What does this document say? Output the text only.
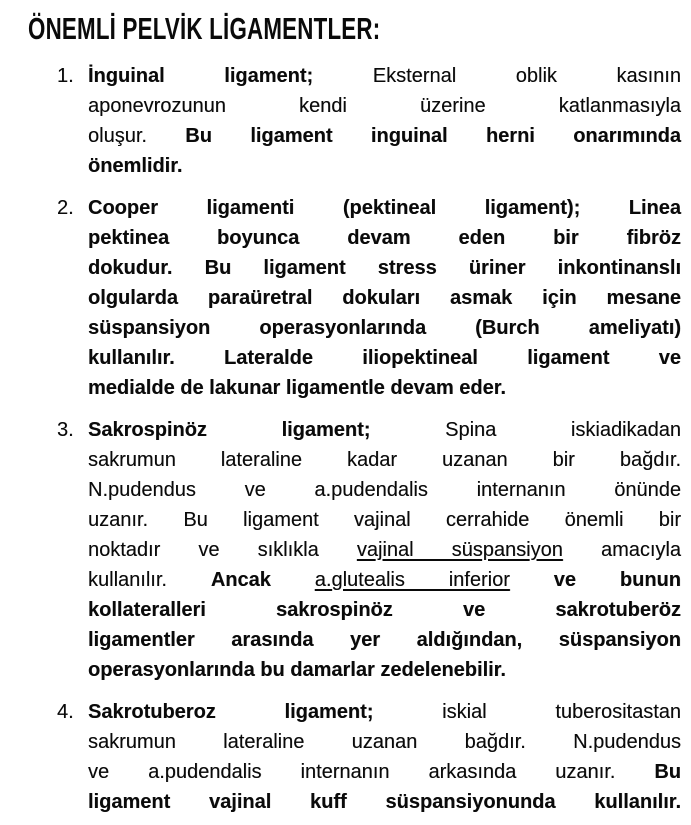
ÖNEMLİ PELVİK LİGAMENTLER:
1. İnguinal ligament; Eksternal oblik kasının
aponevrozunun kendi üzerine katlanmasıyla
oluşur. Bu ligament inguinal herni onarımında
önemlidir.
2. Cooper ligamenti (pektineal ligament); Linea
pektinea boyunca devam eden bir fibröz
dokudur. Bu ligament stress üriner inkontinanslı
olgularda paraüretral dokuları asmak için mesane
süspansiyon operasyonlarında (Burch ameliyatı)
kullanılır. Lateralde iliopektineal ligament ve
medialde de lakunar ligamentle devam eder.
3. Sakrospinöz ligament; Spina iskiadikadan
sakrumun lateraline kadar uzanan bir bağdır.
N.pudendus ve a.pudendalis internanın önünde
uzanır. Bu ligament vajinal cerrahide önemli bir
noktadır ve sıklıkla vajinal süspansiyon amacıyla
kullanılır. Ancak a.glutealis inferior ve bunun
kollateralleri sakrospinöz ve sakrotuberöz
ligamentler arasında yer aldığından, süspansiyon
operasyonlarında bu damarlar zedelenebilir.
4. Sakrotuberoz ligament; iskial tuberositastan
sakrumun lateraline uzanan bağdır. N.pudendus
ve a.pudendalis internanın arkasında uzanır. Bu
ligament vajinal kuff süspansiyonunda kullanılır.
